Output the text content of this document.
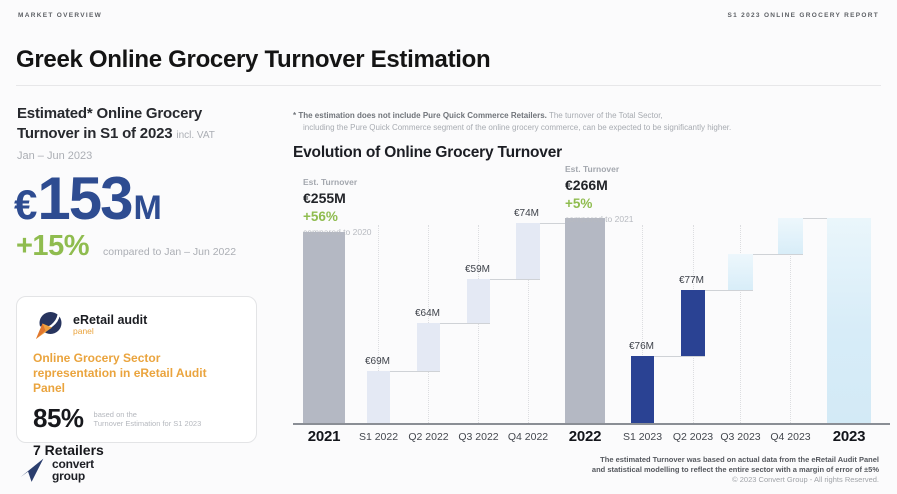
MARKET OVERVIEW	S1 2023 ONLINE GROCERY REPORT
Greek Online Grocery Turnover Estimation
Estimated* Online Grocery
Turnover in S1 of 2023 incl. VAT
Jan – Jun 2023
€ 153 M
+15% compared to Jan – Jun 2022
eRetail audit
panel
Online Grocery Sector
representation in eRetail Audit Panel
85% based on the
Turnover Estimation for S1 2023
7 Retailers
* The estimation does not include Pure Quick Commerce Retailers. The turnover of the Total Sector,
including the Pure Quick Commerce segment of the online grocery commerce, can be expected to be significantly higher.
Evolution of Online Grocery Turnover
Est. Turnover
€255M
+56%
compared to 2020
Est. Turnover
€266M
+5%
compared to 2021
2021
€69M
S1 2022
€64M
Q2 2022
€59M
Q3 2022
€74M
Q4 2022	2022
€76M
S1 2023
€77M
Q2 2023 Q3 2023 Q4 2023	2023
convert
group
The estimated Turnover was based on actual data from the eRetail Audit Panel
and statistical modelling to reflect the entire sector with a margin of error of ±5%
© 2023 Convert Group - All rights Reserved.
